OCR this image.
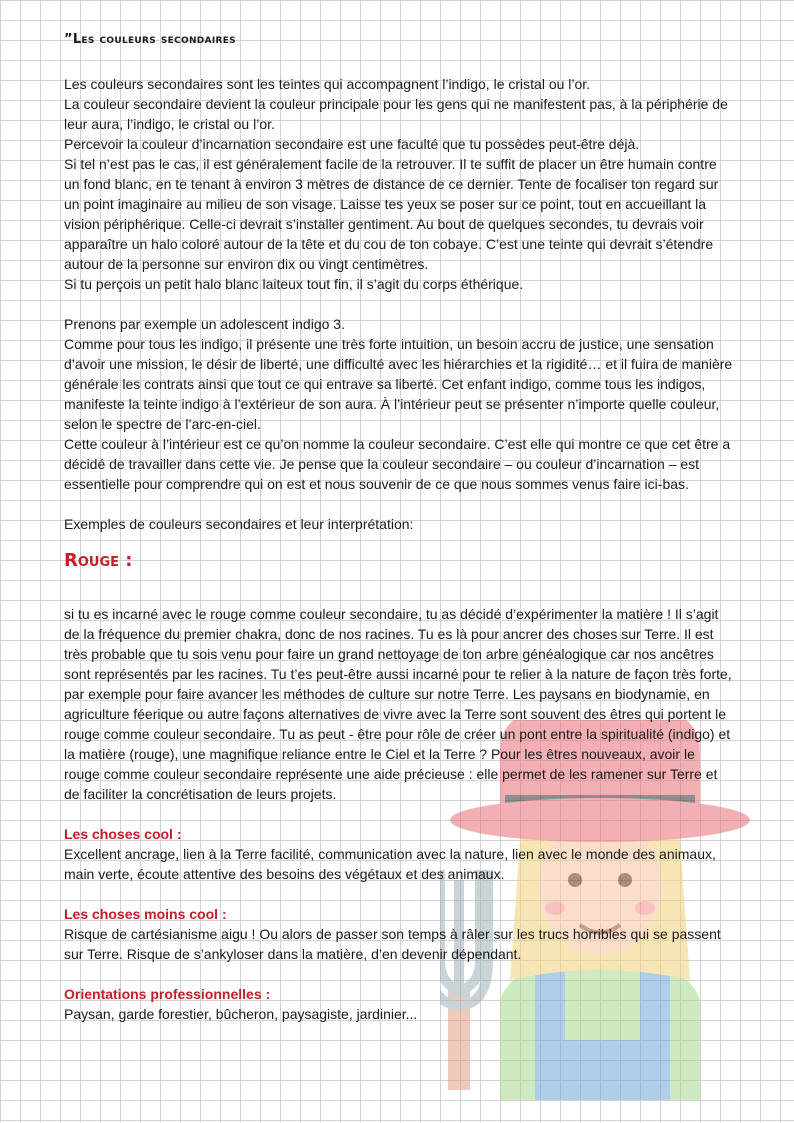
”Les couleurs secondaires

Les couleurs secondaires sont les teintes qui accompagnent l’indigo, le cristal ou l’or.

La couleur secondaire devient la couleur principale pour les gens qui ne manifestent pas, à la périphérie de leur aura, l’indigo, le cristal ou l’or.

Percevoir la couleur d’incarnation secondaire est une faculté que tu possèdes peut-être déjà.

Si tel n’est pas le cas, il est généralement facile de la retrouver. Il te suffit de placer un être humain contre un fond blanc, en te tenant à environ 3 mètres de distance de ce dernier. Tente de focaliser ton regard sur un point imaginaire au milieu de son visage. Laisse tes yeux se poser sur ce point, tout en accueillant la vision périphérique. Celle-ci devrait s’installer gentiment. Au bout de quelques secondes, tu devrais voir apparaître un halo coloré autour de la tête et du cou de ton cobaye. C’est une teinte qui devrait s’étendre autour de la personne sur environ dix ou vingt centimètres.

Si tu perçois un petit halo blanc laiteux tout fin, il s’agit du corps éthérique.

Prenons par exemple un adolescent indigo 3.

Comme pour tous les indigo, il présente une très forte intuition, un besoin accru de justice, une sensation d’avoir une mission, le désir de liberté, une difficulté avec les hiérarchies et la rigidité… et il fuira de manière générale les contrats ainsi que tout ce qui entrave sa liberté. Cet enfant indigo, comme tous les indigos, manifeste la teinte indigo à l’extérieur de son aura. À l’intérieur peut se présenter n’importe quelle couleur, selon le spectre de l’arc-en-ciel.

Cette couleur à l’intérieur est ce qu’on nomme la couleur secondaire. C’est elle qui montre ce que cet être a décidé de travailler dans cette vie. Je pense que la couleur secondaire – ou couleur d’incarnation – est essentielle pour comprendre qui on est et nous souvenir de ce que nous sommes venus faire ici-bas.

Exemples de couleurs secondaires et leur interprétation:

Rouge :

si tu es incarné avec le rouge comme couleur secondaire, tu as décidé d’expérimenter la matière ! Il s’agit de la fréquence du premier chakra, donc de nos racines. Tu es là pour ancrer des choses sur Terre. Il est très probable que tu sois venu pour faire un grand nettoyage de ton arbre généalogique car nos ancêtres sont représentés par les racines. Tu t’es peut-être aussi incarné pour te relier à la nature de façon très forte, par exemple pour faire avancer les méthodes de culture sur notre Terre. Les paysans en biodynamie, en agriculture féerique ou autre façons alternatives de vivre avec la Terre sont souvent des êtres qui portent le rouge comme couleur secondaire. Tu as peut - être pour rôle de créer un pont entre la spiritualité (indigo) et la matière (rouge), une magnifique reliance entre le Ciel et la Terre ? Pour les êtres nouveaux, avoir le rouge comme couleur secondaire représente une aide précieuse : elle permet de les ramener sur Terre et de faciliter la concrétisation de leurs projets.

Les choses cool :

Excellent ancrage, lien à la Terre facilité, communication avec la nature, lien avec le monde des animaux, main verte, écoute attentive des besoins des végétaux et des animaux.

Les choses moins cool :

Risque de cartésianisme aigu ! Ou alors de passer son temps à râler sur les trucs horribles qui se passent sur Terre. Risque de s’ankyloser dans la matière, d’en devenir dépendant.

Orientations professionnelles :

Paysan, garde forestier, bûcheron, paysagiste, jardinier...
